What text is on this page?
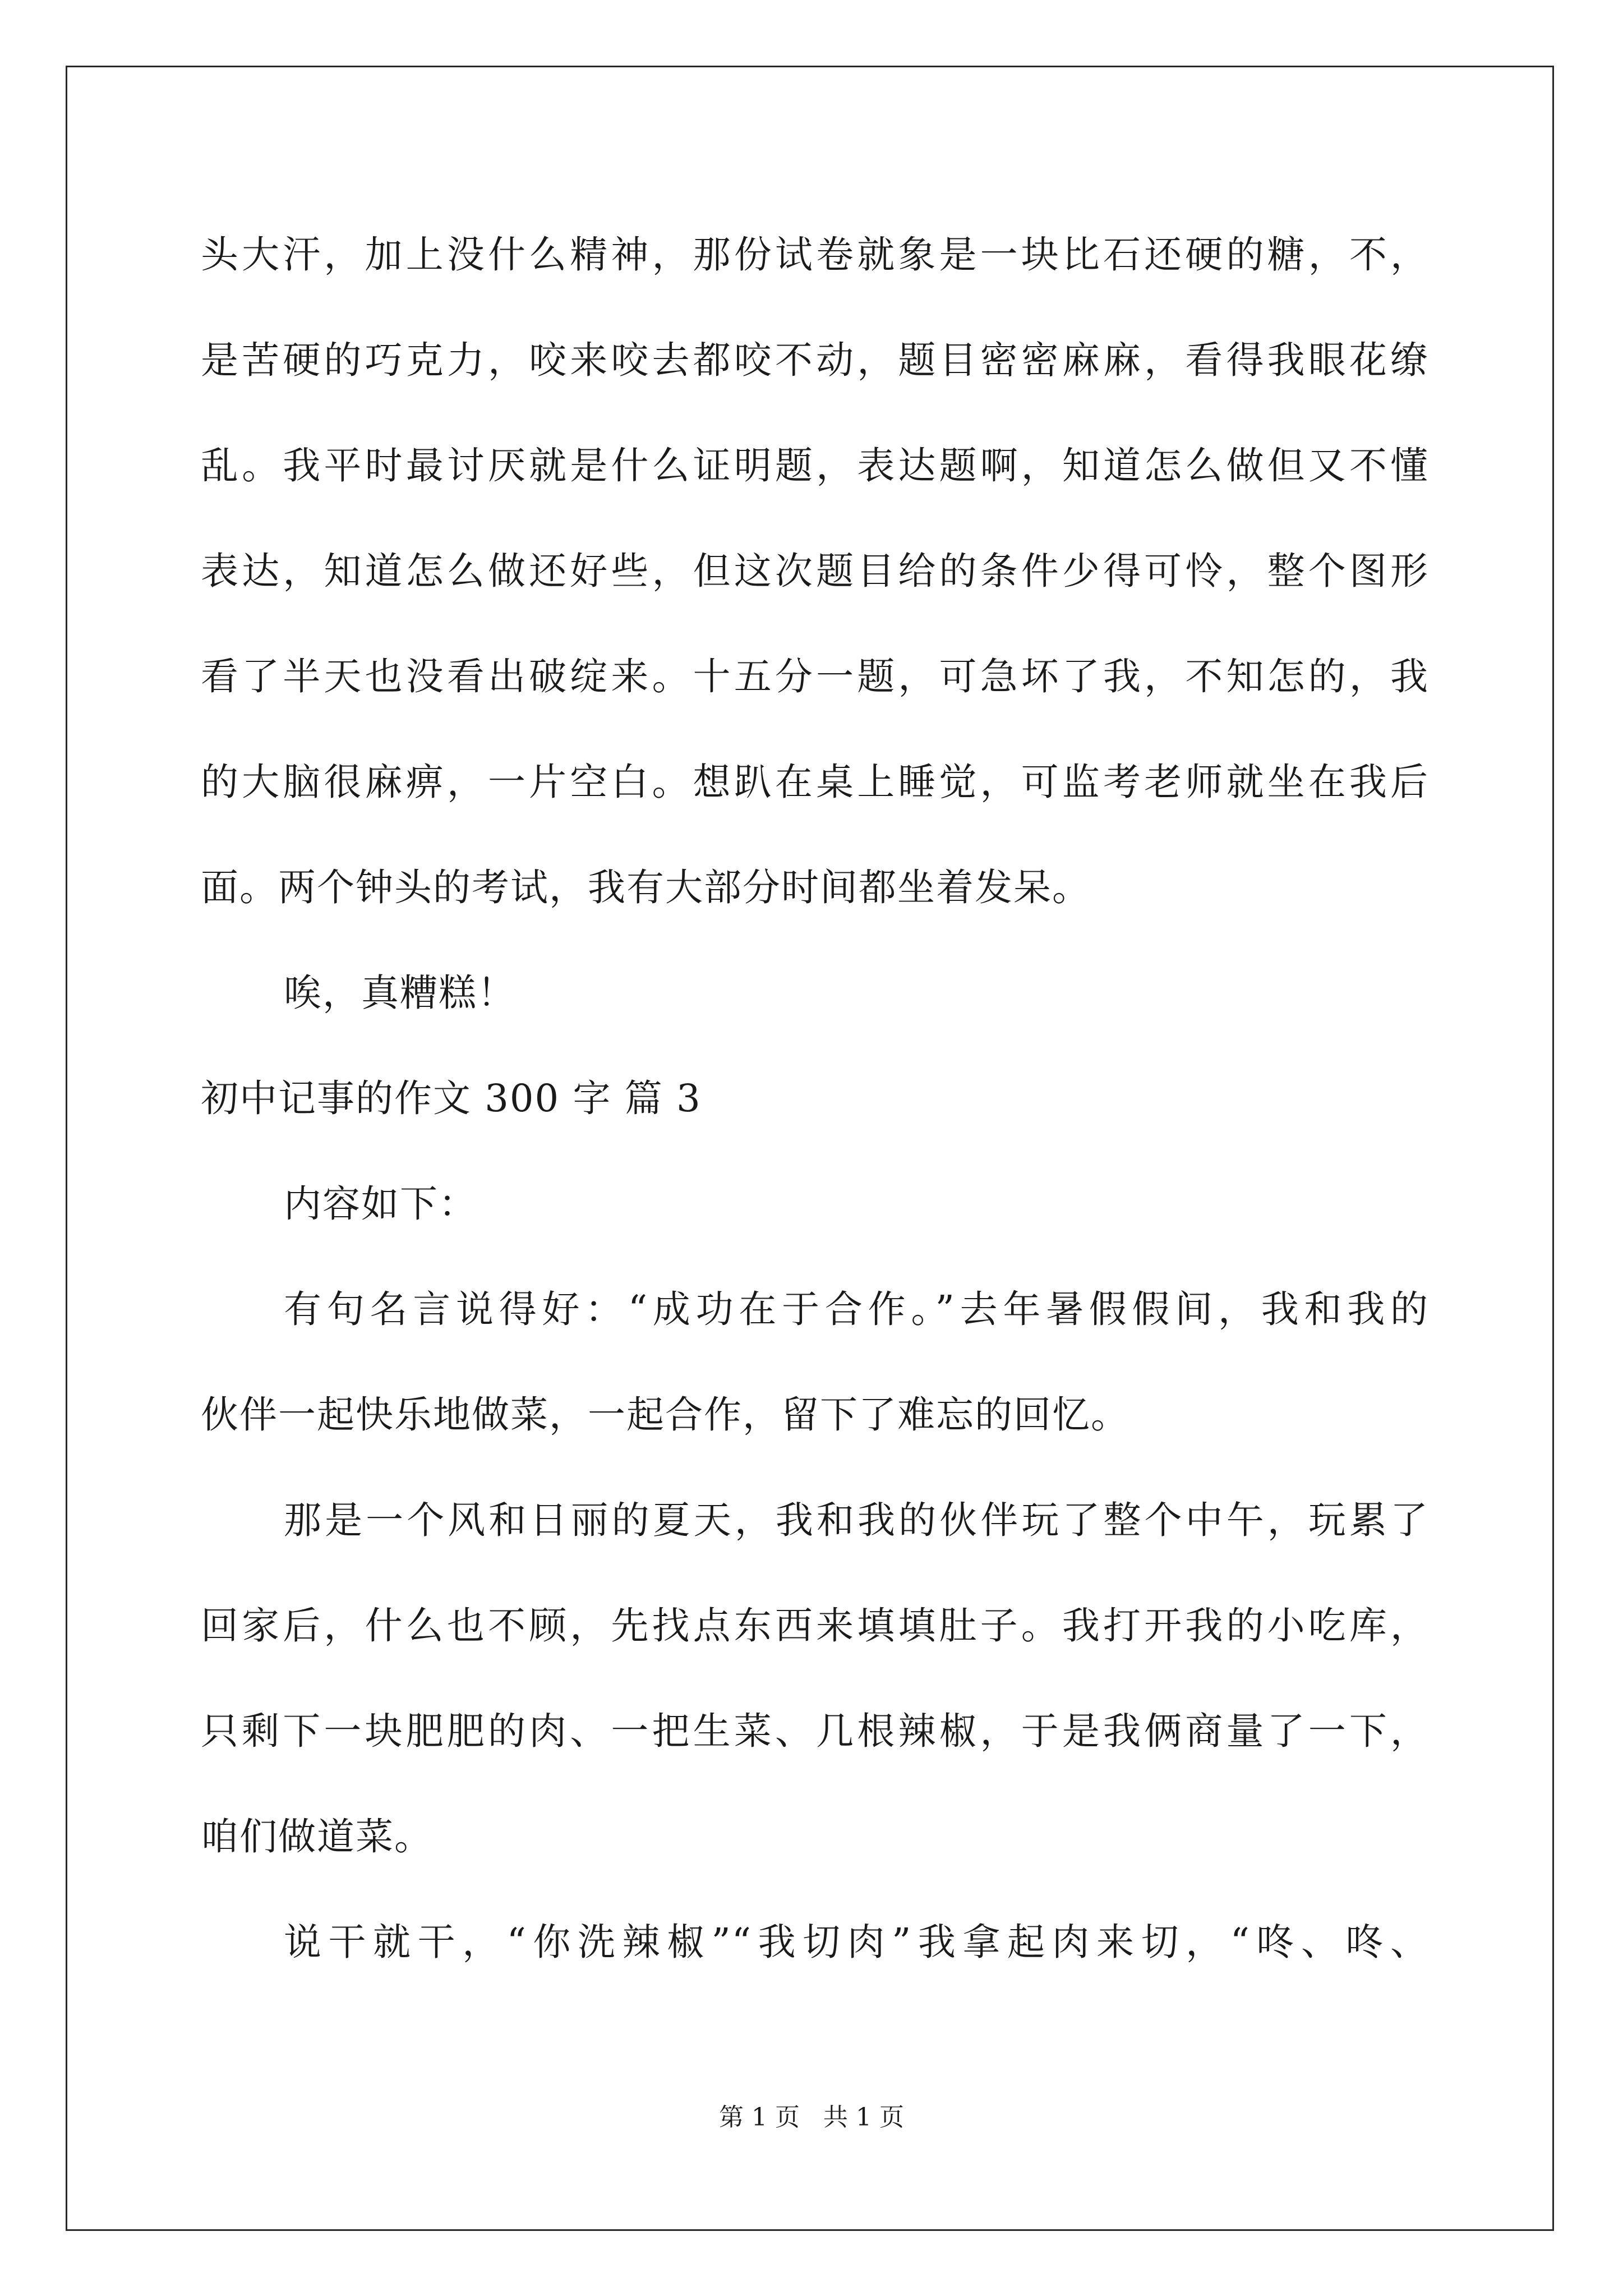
头大汗，加上没什么精神，那份试卷就象是一块比石还硬的糖，不，
是苦硬的巧克力，咬来咬去都咬不动，题目密密麻麻，看得我眼花缭
乱。我平时最讨厌就是什么证明题，表达题啊，知道怎么做但又不懂
表达，知道怎么做还好些，但这次题目给的条件少得可怜，整个图形
看了半天也没看出破绽来。十五分一题，可急坏了我，不知怎的，我
的大脑很麻痹，一片空白。想趴在桌上睡觉，可监考老师就坐在我后
面。两个钟头的考试，我有大部分时间都坐着发呆。
唉，真糟糕！
初中记事的作文 300 字 篇 3
内容如下：
有句名言说得好：“成功在于合作。”去年暑假假间，我和我的
伙伴一起快乐地做菜，一起合作，留下了难忘的回忆。
那是一个风和日丽的夏天，我和我的伙伴玩了整个中午，玩累了
回家后，什么也不顾，先找点东西来填填肚子。我打开我的小吃库，
只剩下一块肥肥的肉、一把生菜、几根辣椒，于是我俩商量了一下，
咱们做道菜。
说干就干，“你洗辣椒”“我切肉”我拿起肉来切，“咚、咚、
第 1 页   共 1 页
